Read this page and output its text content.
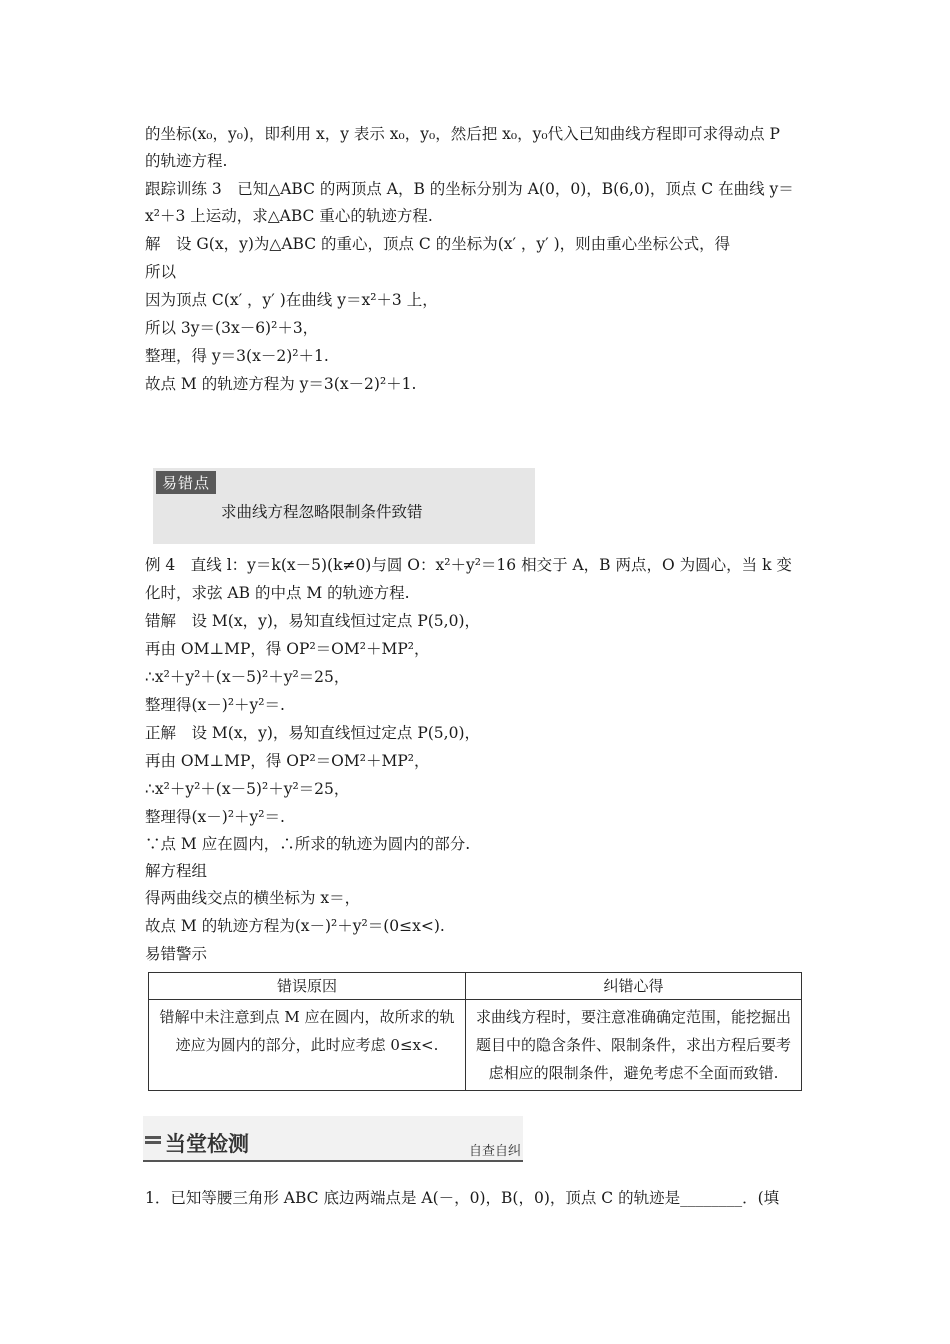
的坐标(x₀，y₀)，即利用 x，y 表示 x₀，y₀，然后把 x₀，y₀代入已知曲线方程即可求得动点 P
的轨迹方程.
跟踪训练 3　已知△ABC 的两顶点 A，B 的坐标分别为 A(0，0)，B(6,0)，顶点 C 在曲线 y＝
x²＋3 上运动，求△ABC 重心的轨迹方程.
解　设 G(x，y)为△ABC 的重心，顶点 C 的坐标为(x′ ，y′ )，则由重心坐标公式，得
所以
因为顶点 C(x′ ，y′ )在曲线 y＝x²＋3 上，
所以 3y＝(3x－6)²＋3，
整理，得 y＝3(x－2)²＋1.
故点 M 的轨迹方程为 y＝3(x－2)²＋1.
易错点
求曲线方程忽略限制条件致错
例 4　直线 l：y＝k(x－5)(k≠0)与圆 O：x²＋y²＝16 相交于 A，B 两点，O 为圆心，当 k 变
化时，求弦 AB 的中点 M 的轨迹方程.
错解　设 M(x，y)，易知直线恒过定点 P(5,0)，
再由 OM⊥MP，得 OP²＝OM²＋MP²，
∴x²＋y²＋(x－5)²＋y²＝25，
整理得(x－)²＋y²＝.
正解　设 M(x，y)，易知直线恒过定点 P(5,0)，
再由 OM⊥MP，得 OP²＝OM²＋MP²，
∴x²＋y²＋(x－5)²＋y²＝25，
整理得(x－)²＋y²＝.
∵点 M 应在圆内，∴所求的轨迹为圆内的部分.
解方程组
得两曲线交点的横坐标为 x＝，
故点 M 的轨迹方程为(x－)²＋y²＝(0≤x<).
易错警示
错误原因	纠错心得
错解中未注意到点 M 应在圆内，故所求的轨迹应为圆内的部分，此时应考虑 0≤x<.	求曲线方程时，要注意准确确定范围，能挖掘出题目中的隐含条件、限制条件，求出方程后要考虑相应的限制条件，避免考虑不全面而致错.
当堂检测	自查自纠
1．已知等腰三角形 ABC 底边两端点是 A(－，0)，B(，0)，顶点 C 的轨迹是________．(填
